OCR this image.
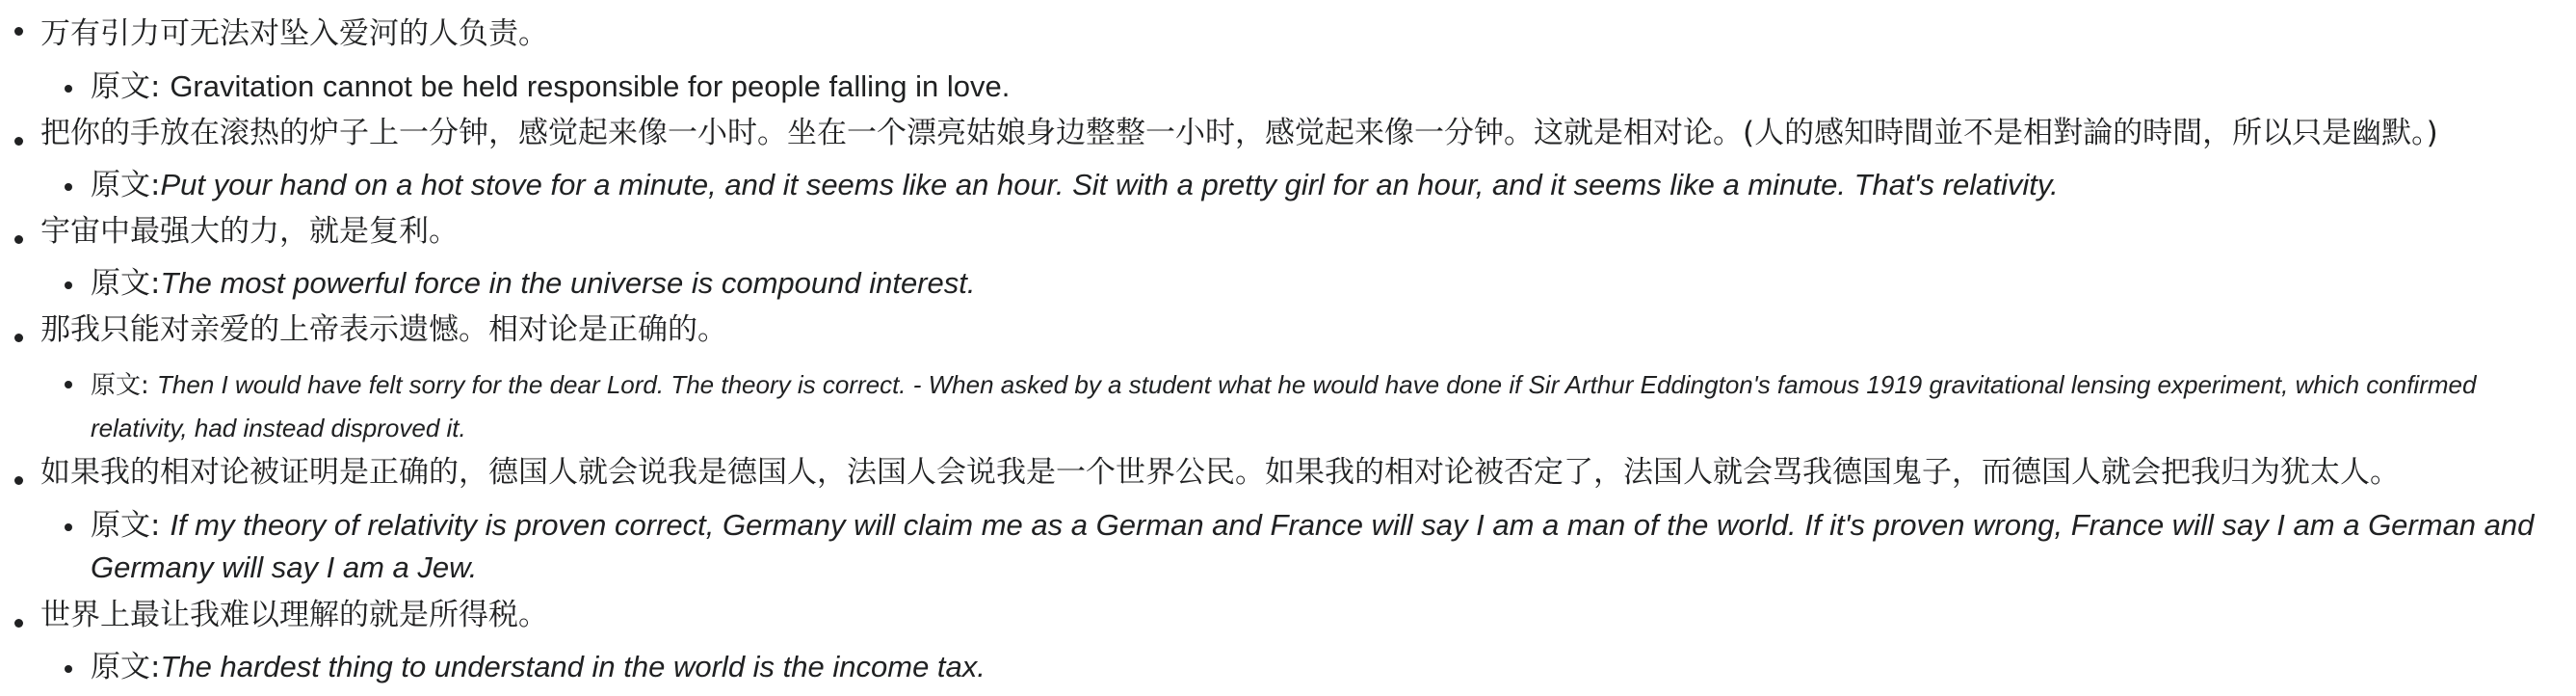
万有引力可无法对坠入爱河的人负责。
原文: Gravitation cannot be held responsible for people falling in love.
把你的手放在滚热的炉子上一分钟，感觉起来像一小时。坐在一个漂亮姑娘身边整整一小时，感觉起来像一分钟。这就是相对论。(人的感知時間並不是相對論的時間，所以只是幽默。)
原文:Put your hand on a hot stove for a minute, and it seems like an hour. Sit with a pretty girl for an hour, and it seems like a minute. That's relativity.
宇宙中最强大的力，就是复利。
原文:The most powerful force in the universe is compound interest.
那我只能对亲爱的上帝表示遗憾。相对论是正确的。
原文: Then I would have felt sorry for the dear Lord. The theory is correct. - When asked by a student what he would have done if Sir Arthur Eddington's famous 1919 gravitational lensing experiment, which confirmed relativity, had instead disproved it.
如果我的相对论被证明是正确的，德国人就会说我是德国人，法国人会说我是一个世界公民。如果我的相对论被否定了，法国人就会骂我德国鬼子，而德国人就会把我归为犹太人。
原文: If my theory of relativity is proven correct, Germany will claim me as a German and France will say I am a man of the world. If it's proven wrong, France will say I am a German and Germany will say I am a Jew.
世界上最让我难以理解的就是所得税。
原文:The hardest thing to understand in the world is the income tax.
